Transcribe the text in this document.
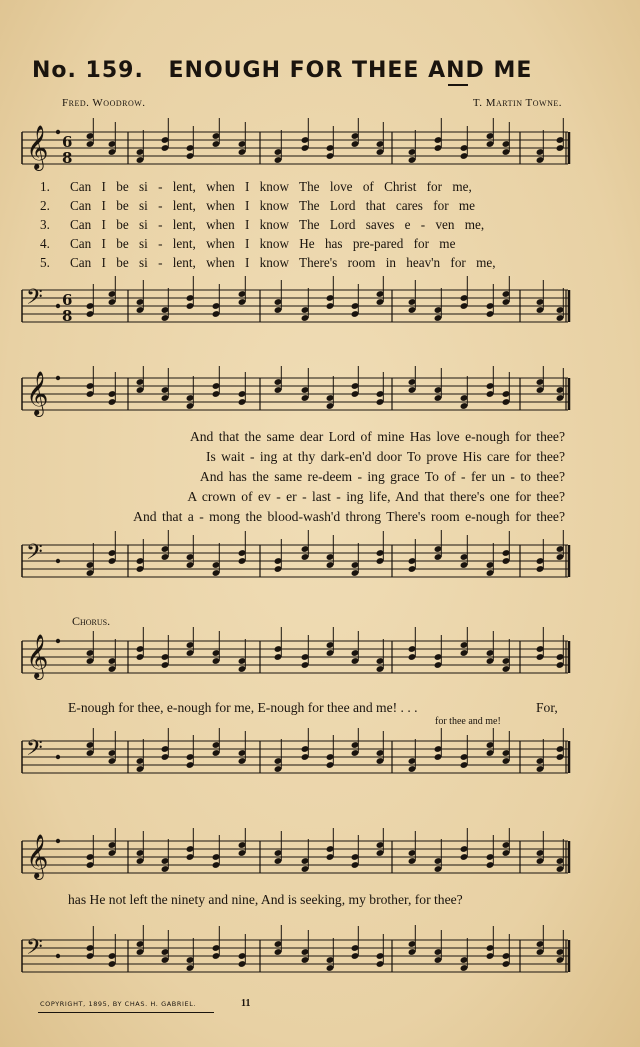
No. 159. ENOUGH FOR THEE AND ME
Fred. Woodrow.	T. Martin Towne.
𝄞 6
8
1.	Can I be si - lent, when I know The love of Christ for me,
2.	Can I be si - lent, when I know The Lord that cares for me
3.	Can I be si - lent, when I know The Lord saves e - ven me,
4.	Can I be si - lent, when I know He has pre-pared for me
5.	Can I be si - lent, when I know There's room in heav'n for me,
𝄢 6
8
𝄞
And that the same dear Lord of mine Has love e-nough for thee?
Is wait - ing at thy dark-en'd door To prove His care for thee?
And has the same re-deem - ing grace To of - fer un - to thee?
A crown of ev - er - last - ing life, And that there's one for thee?
And that a - mong the blood-wash'd throng There's room e-nough for thee?
𝄢
Chorus.
𝄞
E-nough for thee, e-nough for me, E-nough for thee and me! . . .	For,
for thee and me!
𝄢
𝄞
has He not left the ninety and nine, And is seeking, my brother, for thee?
𝄢
COPYRIGHT, 1895, BY CHAS. H. GABRIEL.	11
